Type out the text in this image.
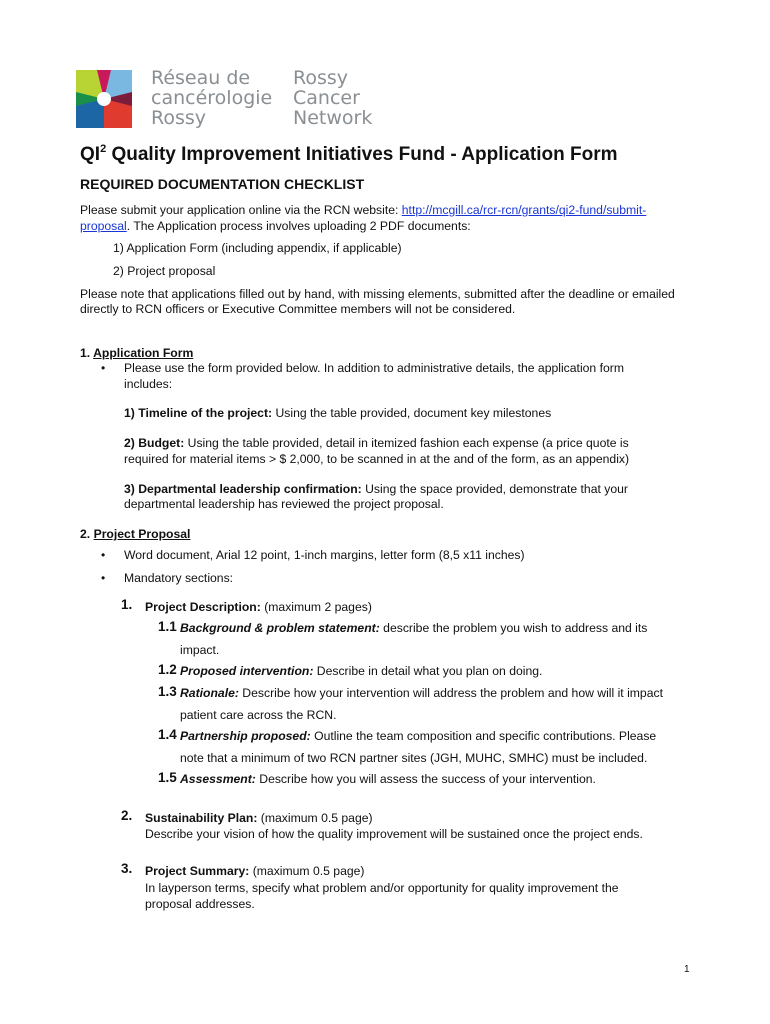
Réseau de
cancérologie
Rossy
Rossy
Cancer
Network
$QI^2$ Quality Improvement Initiatives Fund - Application Form
REQUIRED DOCUMENTATION CHECKLIST
Please submit your application online via the RCN website: http://mcgill.ca/rcr-rcn/grants/qi2-fund/submit-
proposal. The Application process involves uploading 2 PDF documents:
1) Application Form (including appendix, if applicable)
2) Project proposal
Please note that applications filled out by hand, with missing elements, submitted after the deadline or emailed
directly to RCN officers or Executive Committee members will not be considered.
1. Application Form
• Please use the form provided below. In addition to administrative details, the application form
includes:
1) Timeline of the project: Using the table provided, document key milestones
2) Budget: Using the table provided, detail in itemized fashion each expense (a price quote is
required for material items > $ 2,000, to be scanned in at the and of the form, as an appendix)
3) Departmental leadership confirmation: Using the space provided, demonstrate that your
departmental leadership has reviewed the project proposal.
2. Project Proposal
• Word document, Arial 12 point, 1-inch margins, letter form (8,5 x11 inches)
• Mandatory sections:
1. Project Description: (maximum 2 pages)
1.1 Background & problem statement: describe the problem you wish to address and its
impact.
1.2 Proposed intervention: Describe in detail what you plan on doing.
1.3 Rationale: Describe how your intervention will address the problem and how will it impact
patient care across the RCN.
1.4 Partnership proposed: Outline the team composition and specific contributions. Please
note that a minimum of two RCN partner sites (JGH, MUHC, SMHC) must be included.
1.5 Assessment: Describe how you will assess the success of your intervention.
2. Sustainability Plan: (maximum 0.5 page)
Describe your vision of how the quality improvement will be sustained once the project ends.
3. Project Summary: (maximum 0.5 page)
In layperson terms, specify what problem and/or opportunity for quality improvement the
proposal addresses.
1
